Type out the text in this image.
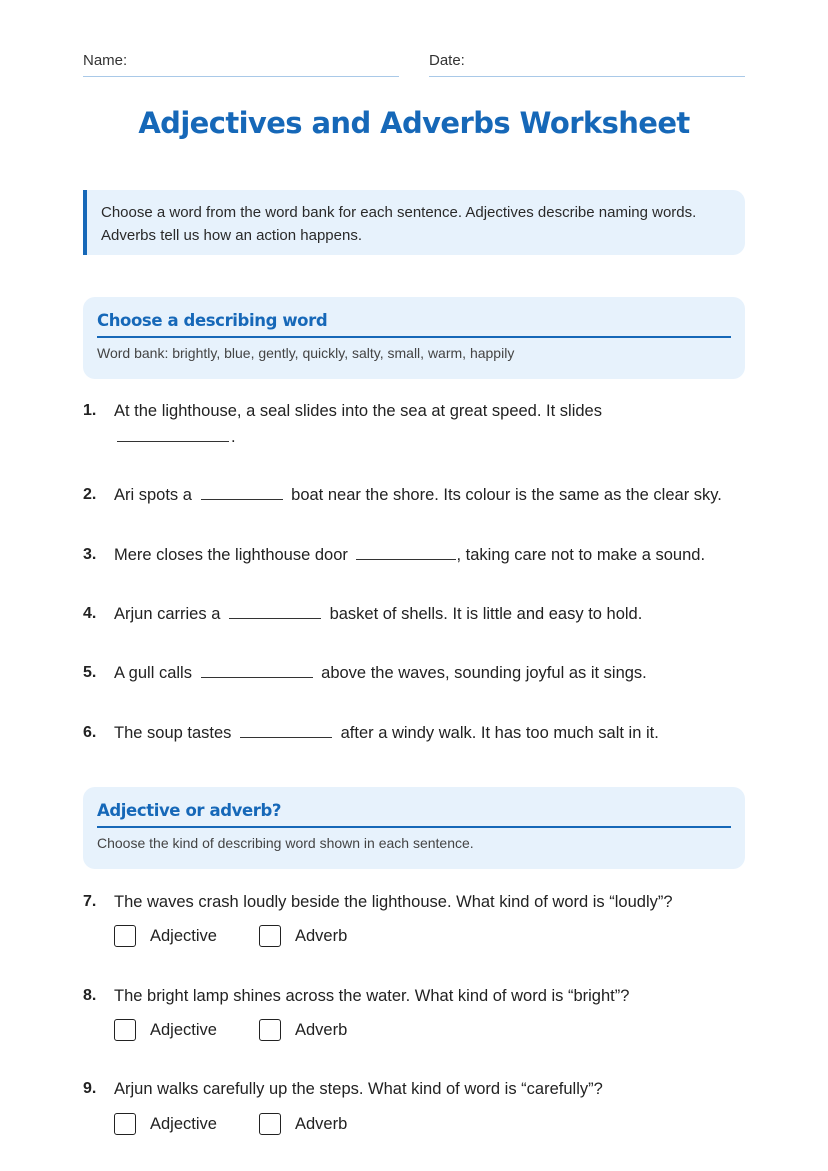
Name:	Date:
Adjectives and Adverbs Worksheet
Choose a word from the word bank for each sentence. Adjectives describe naming words. Adverbs tell us how an action happens.
Choose a describing word
Word bank: brightly, blue, gently, quickly, salty, small, warm, happily
1. At the lighthouse, a seal slides into the sea at great speed. It slides
.
2. Ari spots a	boat near the shore. Its colour is the same as the clear sky.
3. Mere closes the lighthouse door	, taking care not to make a sound.
4. Arjun carries a	basket of shells. It is little and easy to hold.
5. A gull calls	above the waves, sounding joyful as it sings.
6. The soup tastes	after a windy walk. It has too much salt in it.
Adjective or adverb?
Choose the kind of describing word shown in each sentence.
7. The waves crash loudly beside the lighthouse. What kind of word is “loudly”?
Adjective	Adverb
8. The bright lamp shines across the water. What kind of word is “bright”?
Adjective	Adverb
9. Arjun walks carefully up the steps. What kind of word is “carefully”?
Adjective	Adverb
